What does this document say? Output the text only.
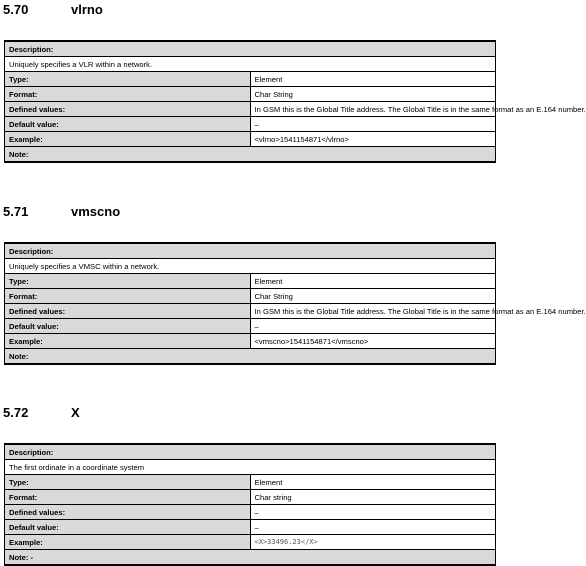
5.70	vlrno
Description:	
Uniquely specifies a VLR within a network.	
Type:	Element
Format:	Char String
Defined values:	In GSM this is the Global Title address. The Global Title is in the same format as an E.164 number.
Default value:	–
Example:	<vlrno>1541154871</vlrno>
Note:	
5.71	vmscno
Description:	
Uniquely specifies a VMSC within a network.	
Type:	Element
Format:	Char String
Defined values:	In GSM this is the Global Title address. The Global Title is in the same format as an E.164 number.
Default value:	–
Example:	<vmscno>1541154871</vmscno>
Note:	
5.72	X
Description:	
The first ordinate in a coordinate system	
Type:	Element
Format:	Char string
Defined values:	–
Default value:	–
Example:	<X>33496.23</X>
Note: -	
